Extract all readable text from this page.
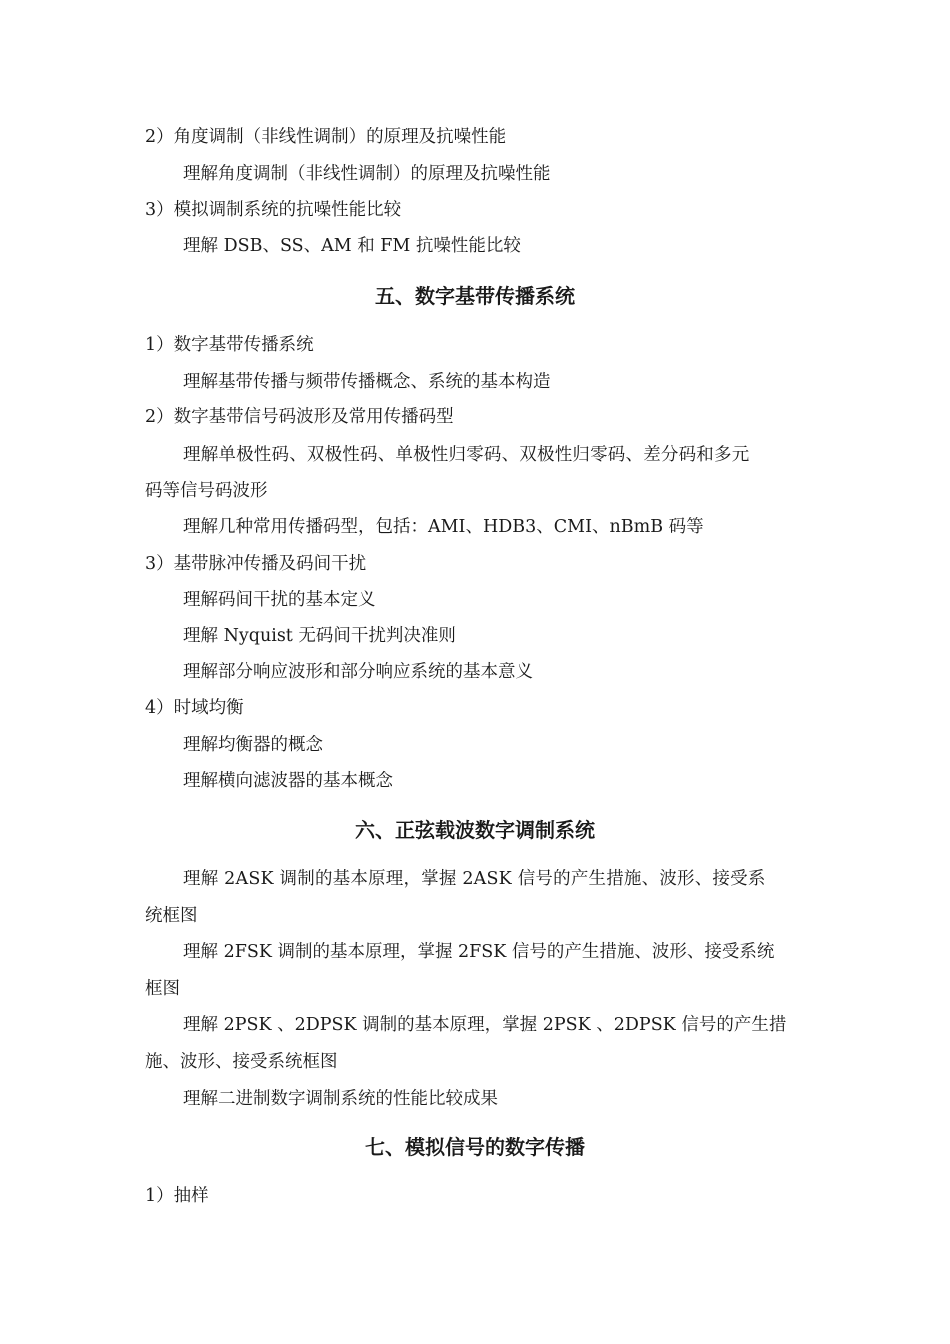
2）角度调制（非线性调制）的原理及抗噪性能
理解角度调制（非线性调制）的原理及抗噪性能
3）模拟调制系统的抗噪性能比较
理解 DSB、SS、AM 和 FM 抗噪性能比较
五、数字基带传播系统
1）数字基带传播系统
理解基带传播与频带传播概念、系统的基本构造
2）数字基带信号码波形及常用传播码型
理解单极性码、双极性码、单极性归零码、双极性归零码、差分码和多元
码等信号码波形
理解几种常用传播码型，包括：AMI、HDB3、CMI、nBmB 码等
3）基带脉冲传播及码间干扰
理解码间干扰的基本定义
理解 Nyquist 无码间干扰判决准则
理解部分响应波形和部分响应系统的基本意义
4）时域均衡
理解均衡器的概念
理解横向滤波器的基本概念
六、正弦载波数字调制系统
理解 2ASK 调制的基本原理，掌握 2ASK 信号的产生措施、波形、接受系
统框图
理解 2FSK 调制的基本原理，掌握 2FSK 信号的产生措施、波形、接受系统
框图
理解 2PSK 、2DPSK 调制的基本原理，掌握 2PSK 、2DPSK 信号的产生措
施、波形、接受系统框图
理解二进制数字调制系统的性能比较成果
七、模拟信号的数字传播
1）抽样
